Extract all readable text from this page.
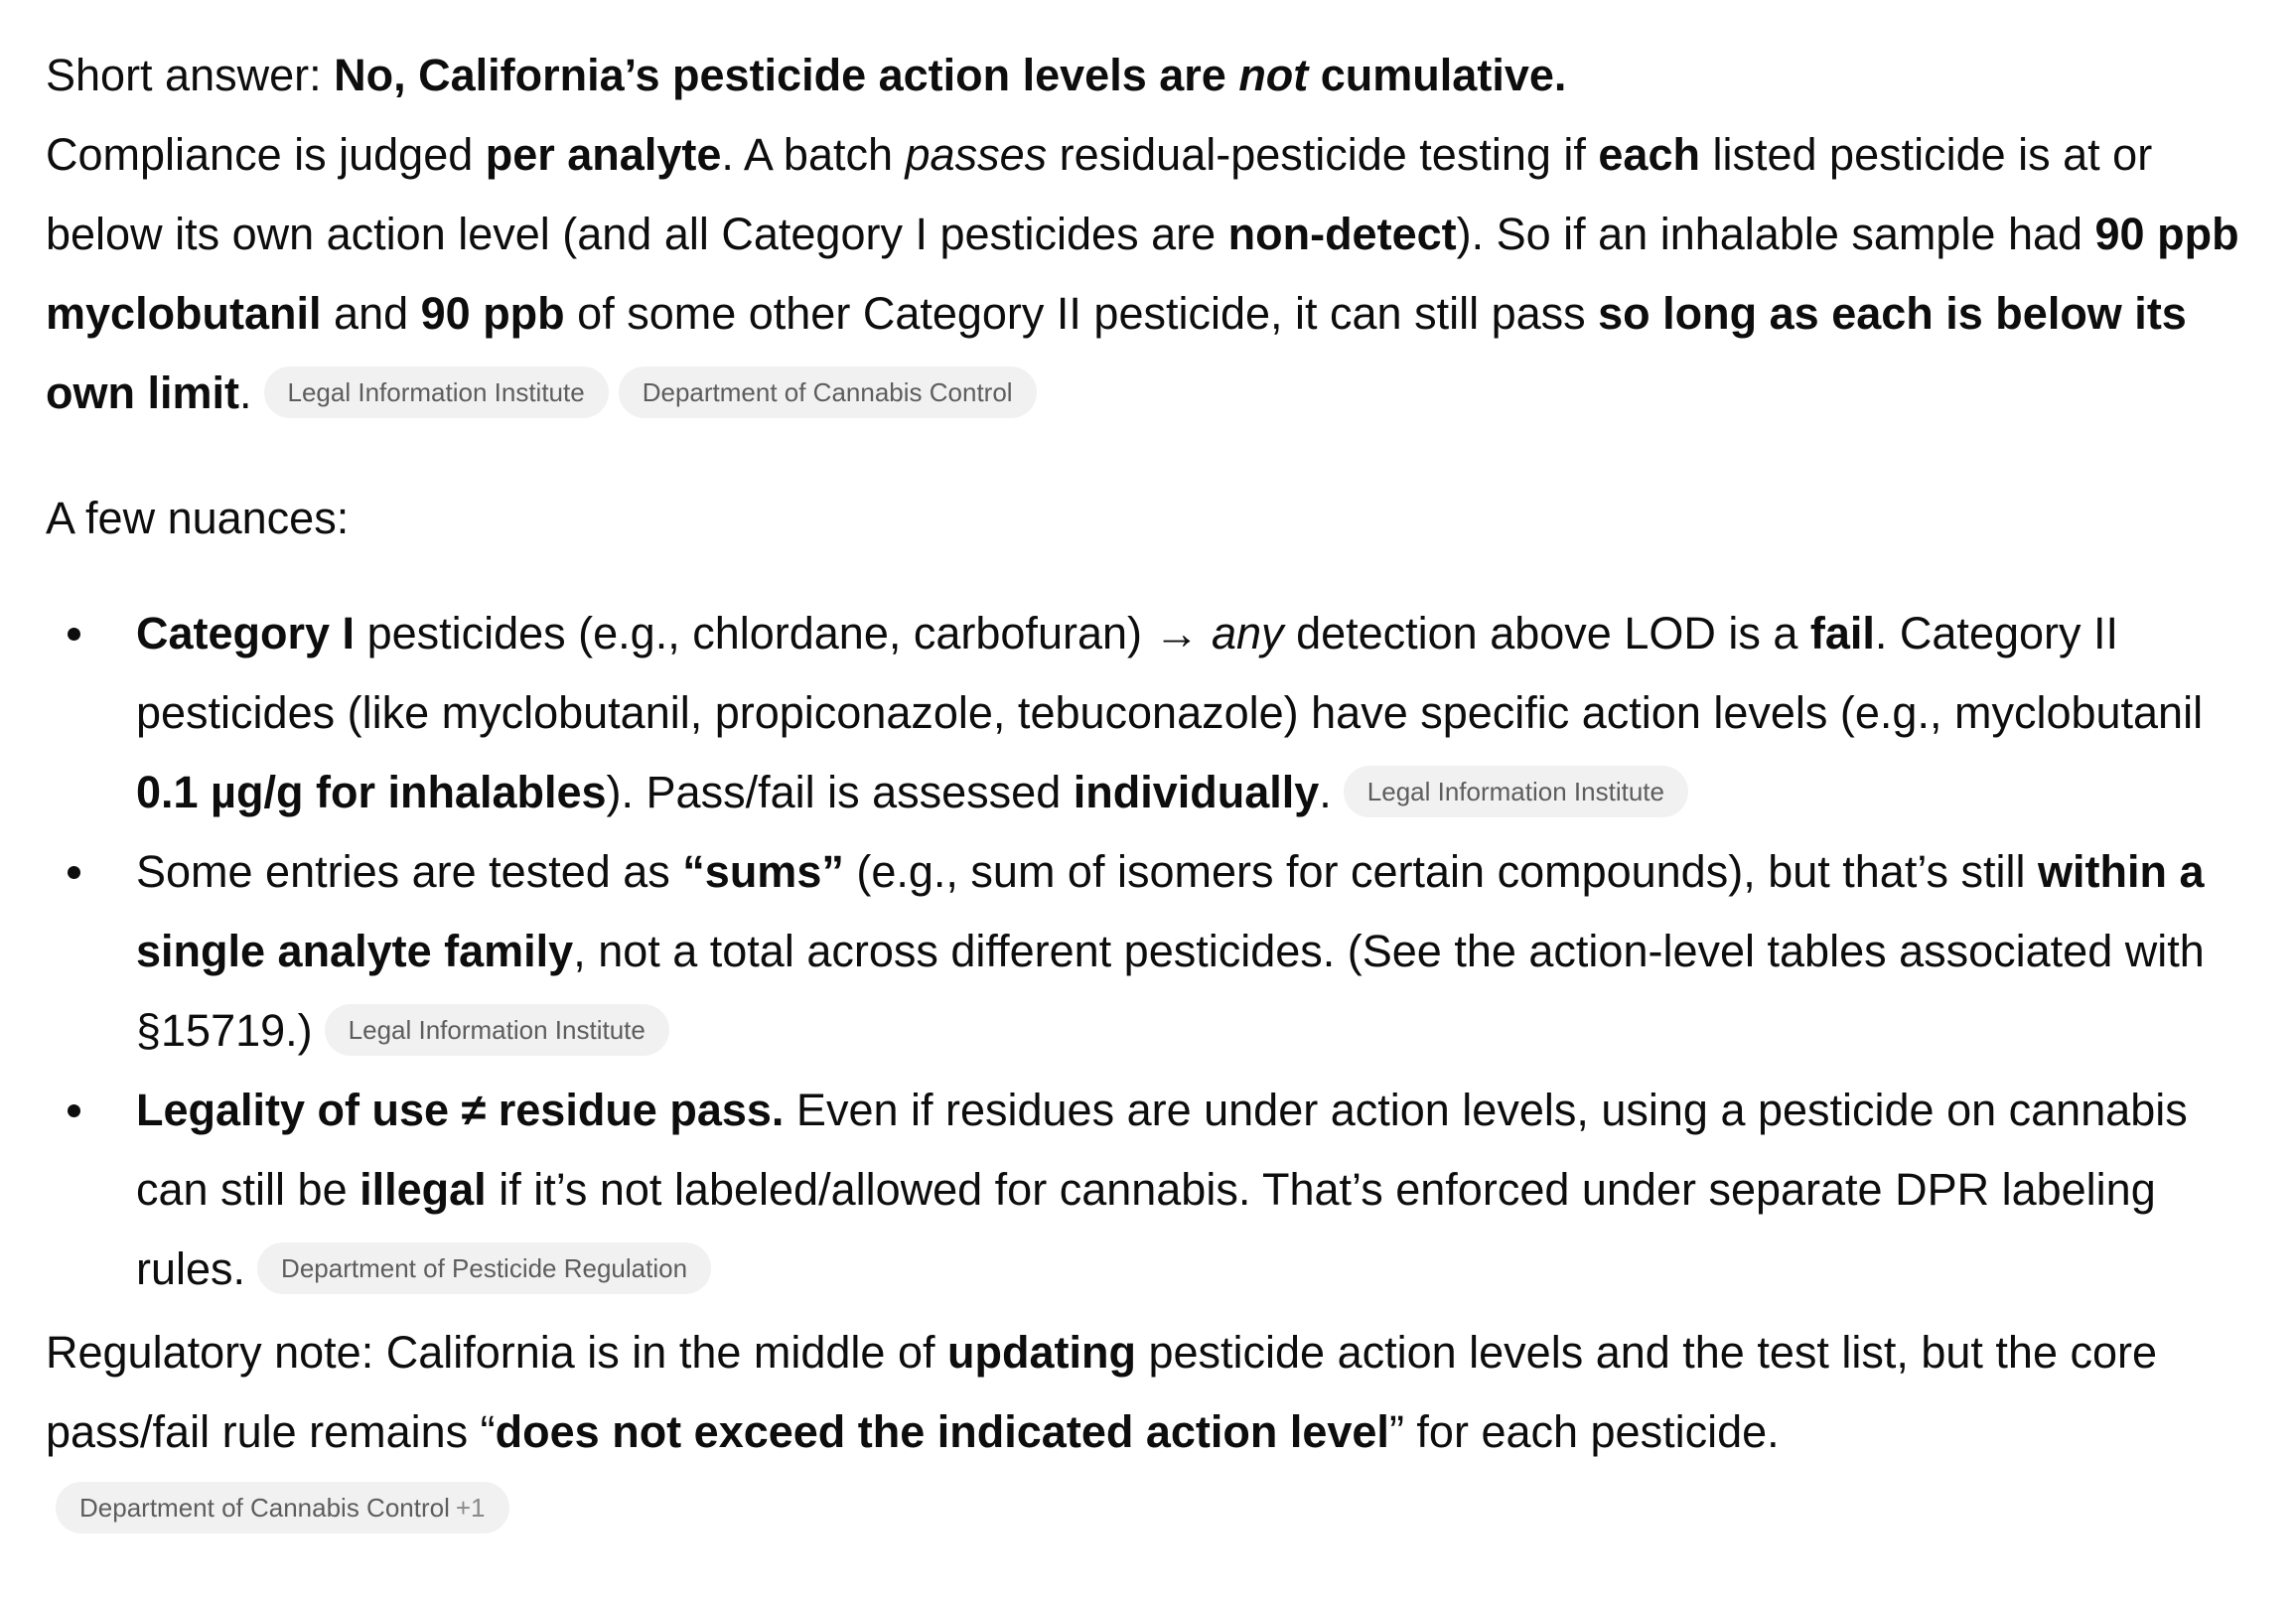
Short answer: No, California’s pesticide action levels are not cumulative.

Compliance is judged per analyte. A batch passes residual-pesticide testing if each listed pesticide is at or below its own action level (and all Category I pesticides are non-detect). So if an inhalable sample had 90 ppb myclobutanil and 90 ppb of some other Category II pesticide, it can still pass so long as each is below its own limit. Legal Information Institute Department of Cannabis Control

A few nuances:

Category I pesticides (e.g., chlordane, carbofuran) → any detection above LOD is a fail. Category II pesticides (like myclobutanil, propiconazole, tebuconazole) have specific action levels (e.g., myclobutanil 0.1 µg/g for inhalables). Pass/fail is assessed individually. Legal Information Institute
Some entries are tested as “sums” (e.g., sum of isomers for certain compounds), but that’s still within a single analyte family, not a total across different pesticides. (See the action-level tables associated with §15719.) Legal Information Institute
Legality of use ≠ residue pass. Even if residues are under action levels, using a pesticide on cannabis can still be illegal if it’s not labeled/allowed for cannabis. That’s enforced under separate DPR labeling rules. Department of Pesticide Regulation

Regulatory note: California is in the middle of updating pesticide action levels and the test list, but the core pass/fail rule remains “does not exceed the indicated action level” for each pesticide.

Department of Cannabis Control +1
